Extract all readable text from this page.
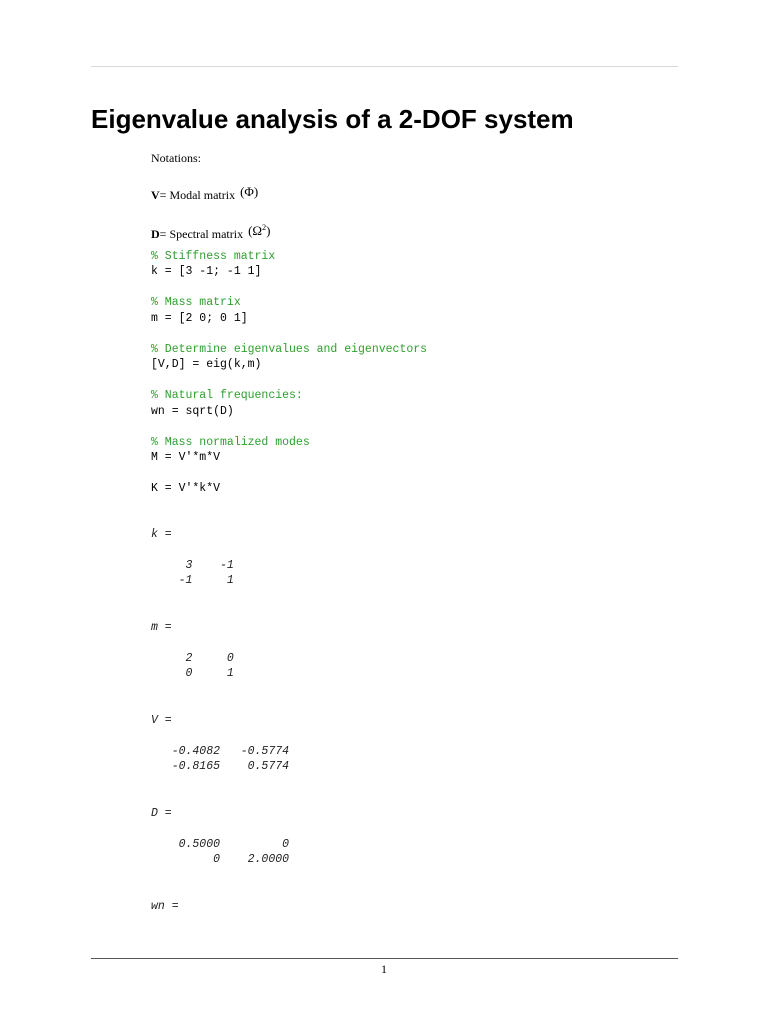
Eigenvalue analysis of a 2-DOF system
Notations:
V= Modal matrix (Φ)
D= Spectral matrix $(\Omega^2)$
% Stiffness matrix
k = [3 -1; -1 1]
% Mass matrix
m = [2 0; 0 1]
% Determine eigenvalues and eigenvectors
[V,D] = eig(k,m)
% Natural frequencies:
wn = sqrt(D)
% Mass normalized modes
M = V'*m*V
K = V'*k*V
k =
3    -1
-1     1
m =
2     0
0     1
V =
-0.4082   -0.5774
-0.8165    0.5774
D =
0.5000         0
0    2.0000
wn =
1
